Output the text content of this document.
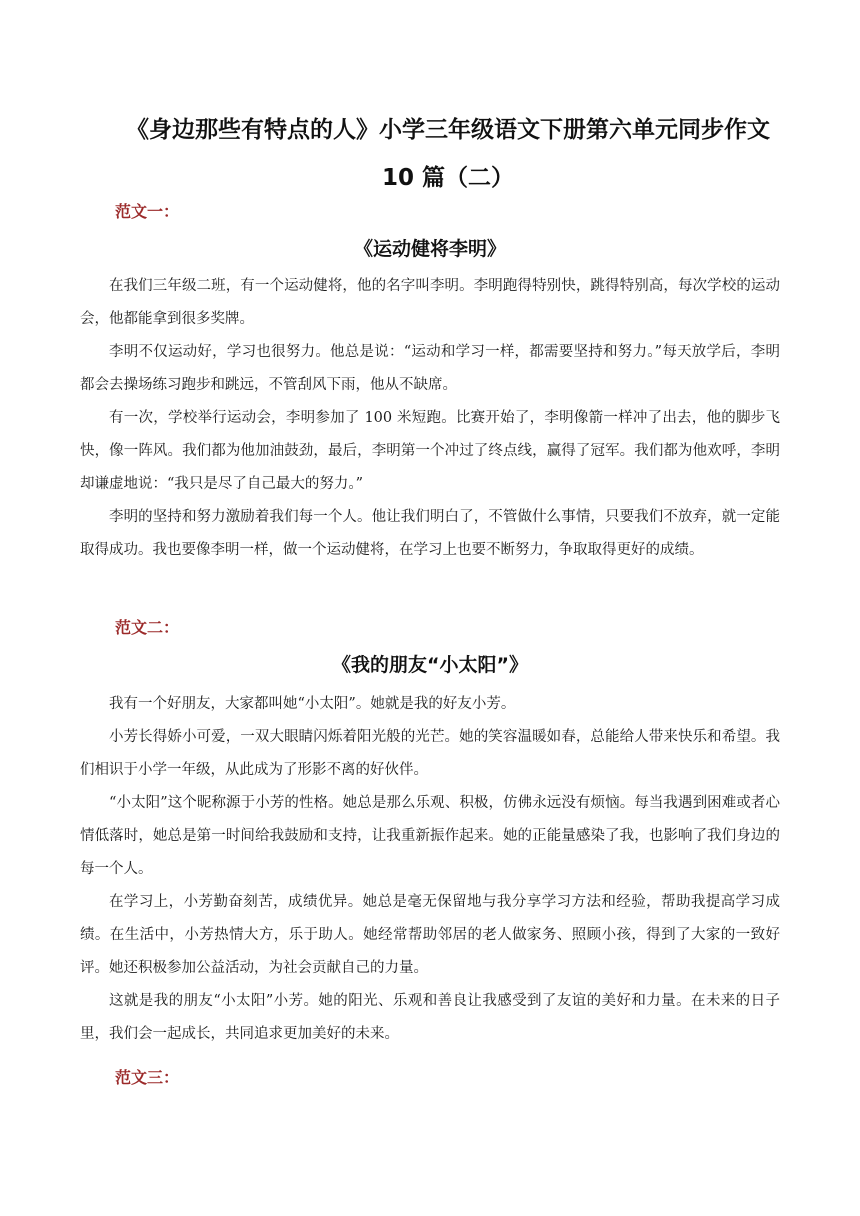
《身边那些有特点的人》小学三年级语文下册第六单元同步作文 10 篇（二）
范文一：
《运动健将李明》

在我们三年级二班，有一个运动健将，他的名字叫李明。李明跑得特别快，跳得特别高，每次学校的运动会，他都能拿到很多奖牌。

李明不仅运动好，学习也很努力。他总是说：“运动和学习一样，都需要坚持和努力。”每天放学后，李明都会去操场练习跑步和跳远，不管刮风下雨，他从不缺席。

有一次，学校举行运动会，李明参加了 100 米短跑。比赛开始了，李明像箭一样冲了出去，他的脚步飞快，像一阵风。我们都为他加油鼓劲，最后，李明第一个冲过了终点线，赢得了冠军。我们都为他欢呼，李明却谦虚地说：“我只是尽了自己最大的努力。”

李明的坚持和努力激励着我们每一个人。他让我们明白了，不管做什么事情，只要我们不放弃，就一定能取得成功。我也要像李明一样，做一个运动健将，在学习上也要不断努力，争取取得更好的成绩。

范文二：
《我的朋友“小太阳”》

我有一个好朋友，大家都叫她“小太阳”。她就是我的好友小芳。

小芳长得娇小可爱，一双大眼睛闪烁着阳光般的光芒。她的笑容温暖如春，总能给人带来快乐和希望。我们相识于小学一年级，从此成为了形影不离的好伙伴。

“小太阳”这个昵称源于小芳的性格。她总是那么乐观、积极，仿佛永远没有烦恼。每当我遇到困难或者心情低落时，她总是第一时间给我鼓励和支持，让我重新振作起来。她的正能量感染了我，也影响了我们身边的每一个人。

在学习上，小芳勤奋刻苦，成绩优异。她总是毫无保留地与我分享学习方法和经验，帮助我提高学习成绩。在生活中，小芳热情大方，乐于助人。她经常帮助邻居的老人做家务、照顾小孩，得到了大家的一致好评。她还积极参加公益活动，为社会贡献自己的力量。

这就是我的朋友“小太阳”小芳。她的阳光、乐观和善良让我感受到了友谊的美好和力量。在未来的日子里，我们会一起成长，共同追求更加美好的未来。

范文三：
